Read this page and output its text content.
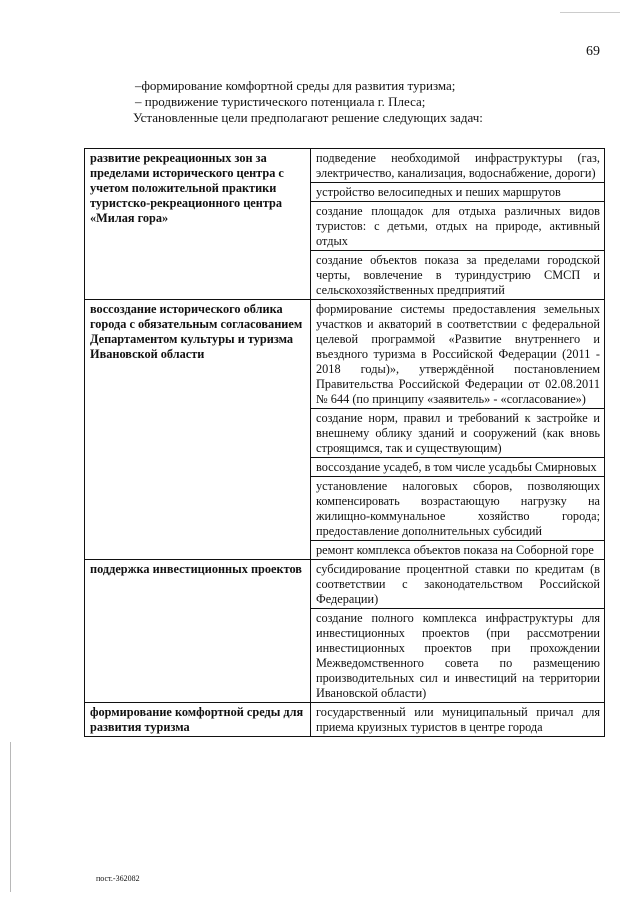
69
–формирование комфортной среды для развития туризма;
– продвижение туристического потенциала г. Плеса;
Установленные цели предполагают решение следующих задач:
развитие рекреационных зон за пределами исторического центра с учетом положительной практики туристско-рекреационного центра «Милая гора»	подведение необходимой инфраструктуры (газ, электричество, канализация, водоснабжение, дороги)
	устройство велосипедных и пеших маршрутов
	создание площадок для отдыха различных видов туристов: с детьми, отдых на природе, активный отдых
	создание объектов показа за пределами городской черты, вовлечение в туриндустрию СМСП и сельскохозяйственных предприятий
воссоздание исторического облика города с обязательным согласованием Департаментом культуры и туризма Ивановской области	формирование системы предоставления земельных участков и акваторий в соответствии с федеральной целевой программой «Развитие внутреннего и въездного туризма в Российской Федерации (2011 - 2018 годы)», утверждённой постановлением Правительства Российской Федерации от 02.08.2011 № 644 (по принципу «заявитель» - «согласование»)
	создание норм, правил и требований к застройке и внешнему облику зданий и сооружений (как вновь строящимся, так и существующим)
	воссоздание усадеб, в том числе усадьбы Смирновых
	установление налоговых сборов, позволяющих компенсировать возрастающую нагрузку на жилищно-коммунальное хозяйство города; предоставление дополнительных субсидий
	ремонт комплекса объектов показа на Соборной горе
поддержка инвестиционных проектов	субсидирование процентной ставки по кредитам (в соответствии с законодательством Российской Федерации)
	создание полного комплекса инфраструктуры для инвестиционных проектов (при рассмотрении инвестиционных проектов при прохождении Межведомственного совета по размещению производительных сил и инвестиций на территории Ивановской области)
формирование комфортной среды для развития туризма	государственный или муниципальный причал для приема круизных туристов в центре города
пост.-362082
